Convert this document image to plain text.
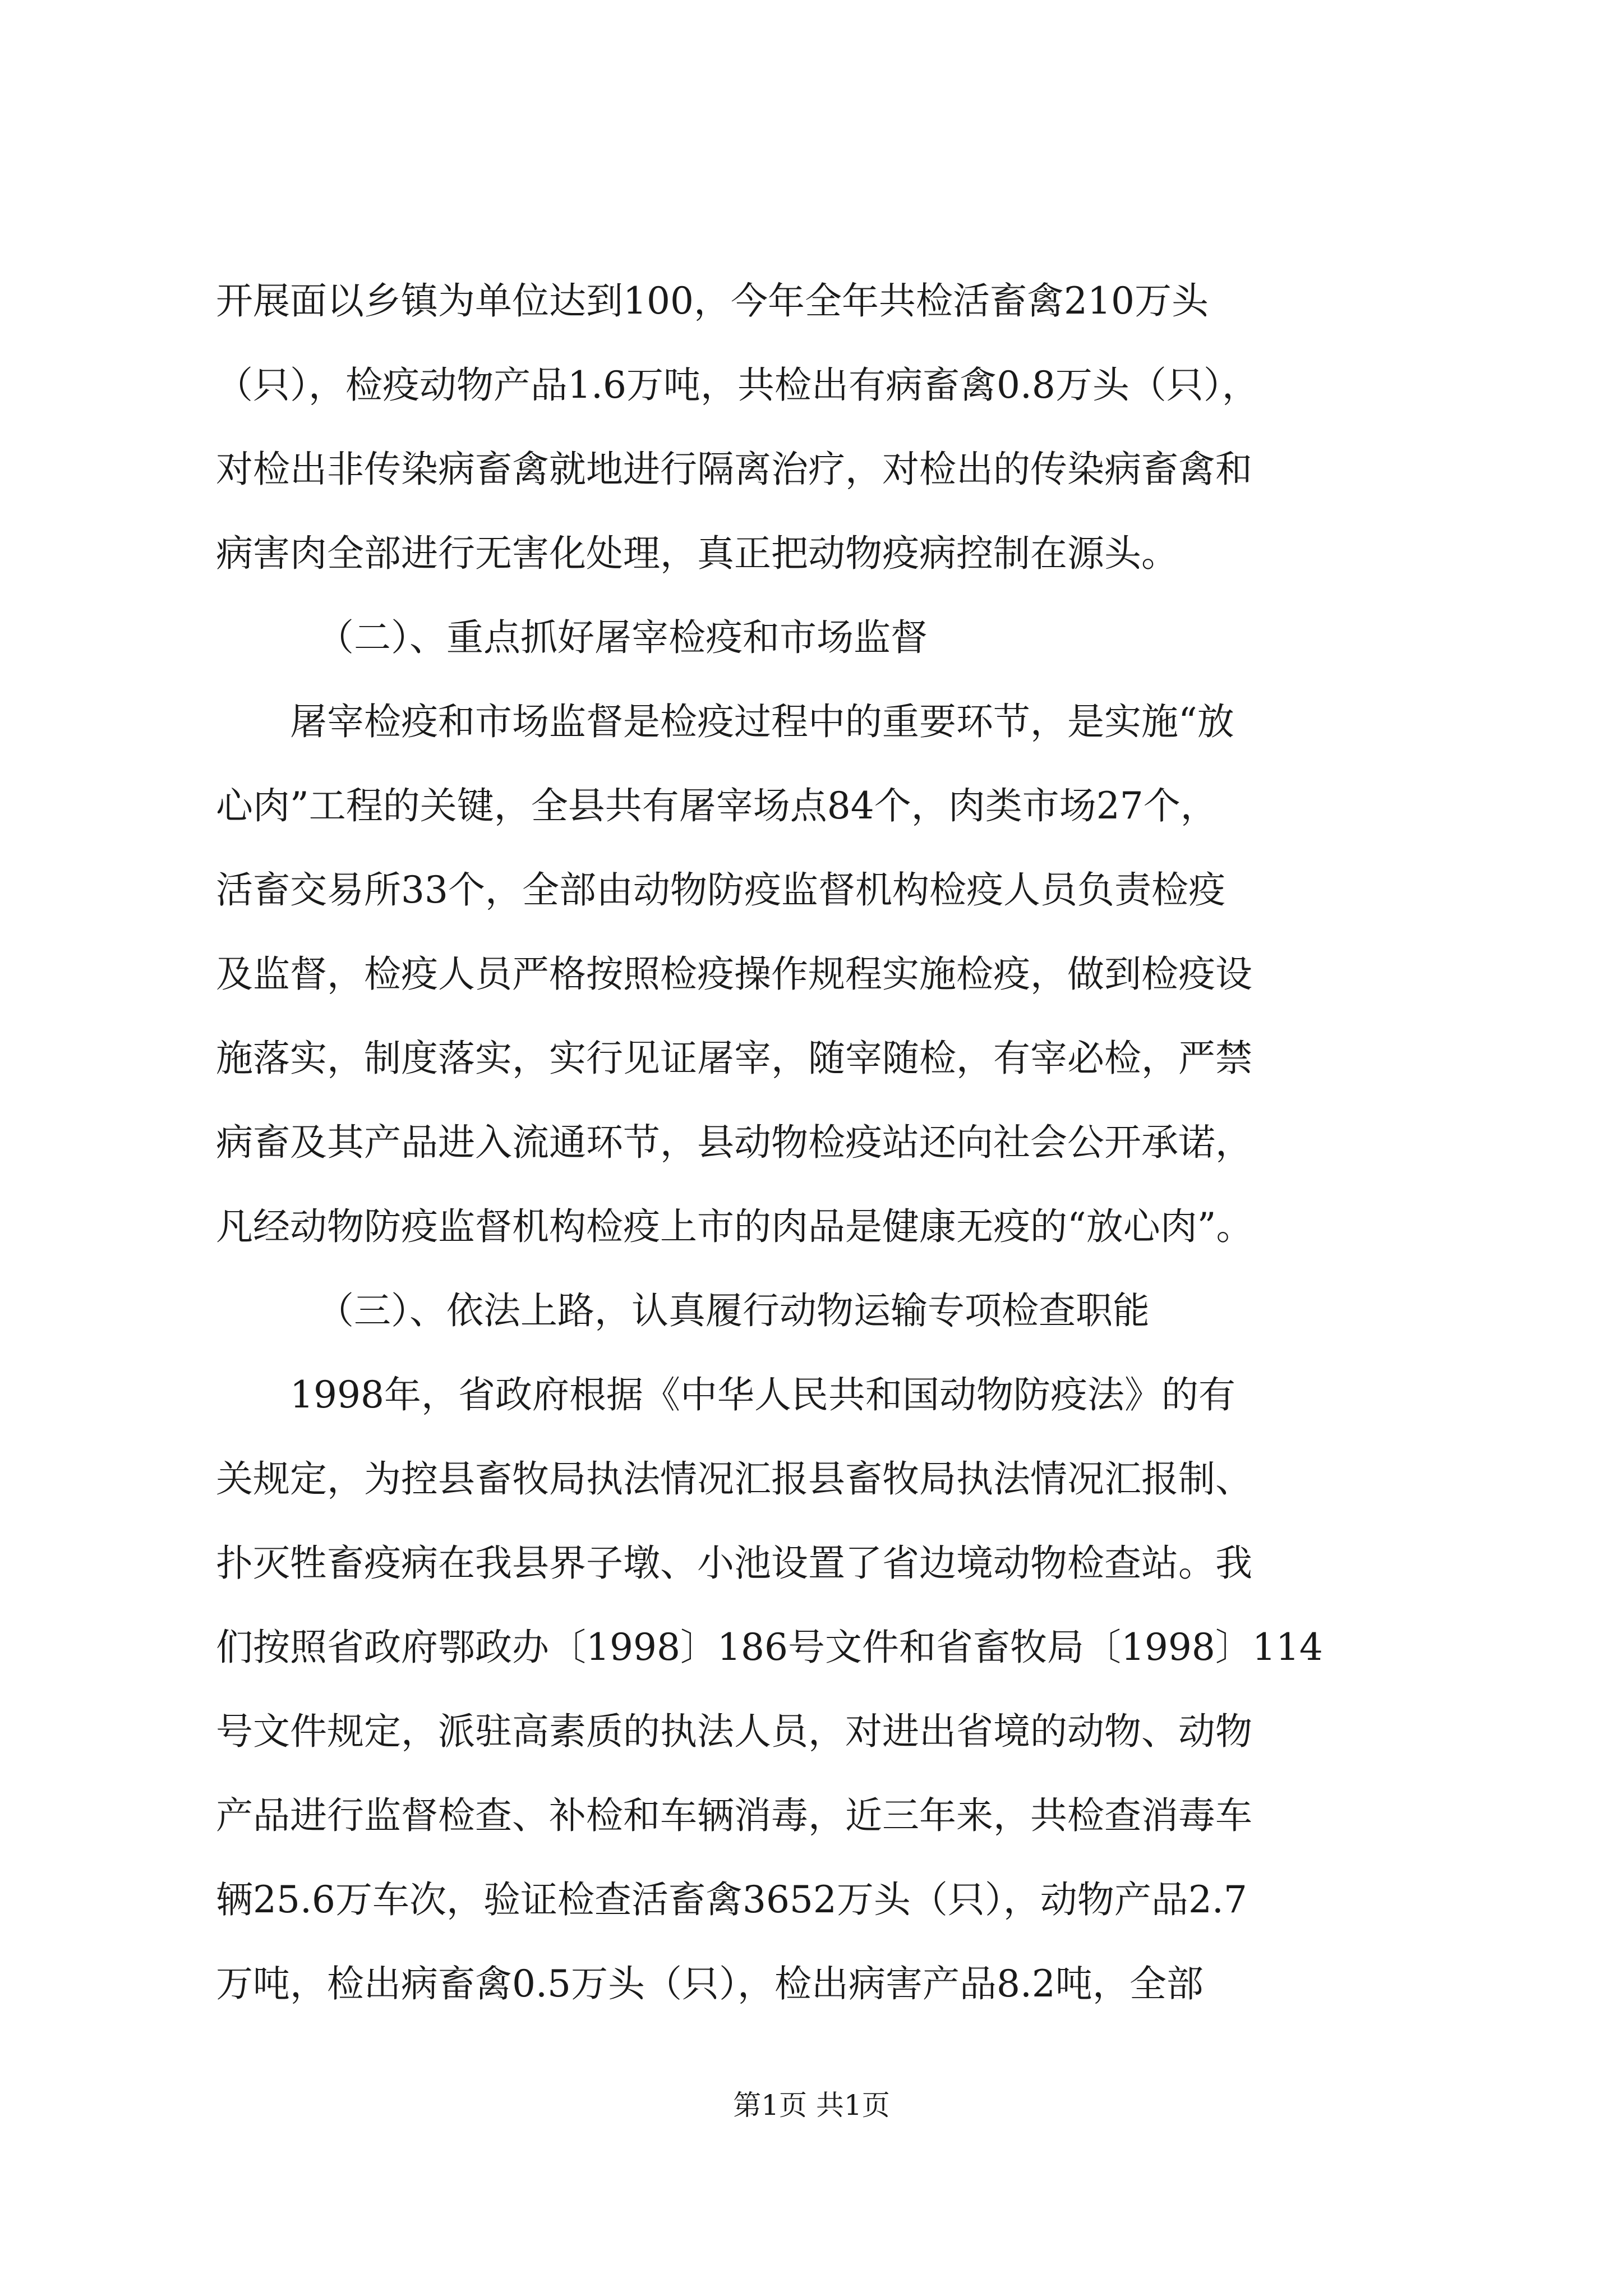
开展面以乡镇为单位达到100，今年全年共检活畜禽210万头
（只），检疫动物产品1.6万吨，共检出有病畜禽0.8万头（只），
对检出非传染病畜禽就地进行隔离治疗，对检出的传染病畜禽和
病害肉全部进行无害化处理，真正把动物疫病控制在源头。
（二）、重点抓好屠宰检疫和市场监督
屠宰检疫和市场监督是检疫过程中的重要环节，是实施“放
心肉”工程的关键，全县共有屠宰场点84个，肉类市场27个，
活畜交易所33个，全部由动物防疫监督机构检疫人员负责检疫
及监督，检疫人员严格按照检疫操作规程实施检疫，做到检疫设
施落实，制度落实，实行见证屠宰，随宰随检，有宰必检，严禁
病畜及其产品进入流通环节，县动物检疫站还向社会公开承诺，
凡经动物防疫监督机构检疫上市的肉品是健康无疫的“放心肉”。
（三）、依法上路，认真履行动物运输专项检查职能
1998年，省政府根据《中华人民共和国动物防疫法》的有
关规定，为控县畜牧局执法情况汇报县畜牧局执法情况汇报制、
扑灭牲畜疫病在我县界子墩、小池设置了省边境动物检查站。我
们按照省政府鄂政办〔1998〕186号文件和省畜牧局〔1998〕114
号文件规定，派驻高素质的执法人员，对进出省境的动物、动物
产品进行监督检查、补检和车辆消毒，近三年来，共检查消毒车
辆25.6万车次，验证检查活畜禽3652万头（只），动物产品2.7
万吨，检出病畜禽0.5万头（只），检出病害产品8.2吨，全部
第1页 共1页
